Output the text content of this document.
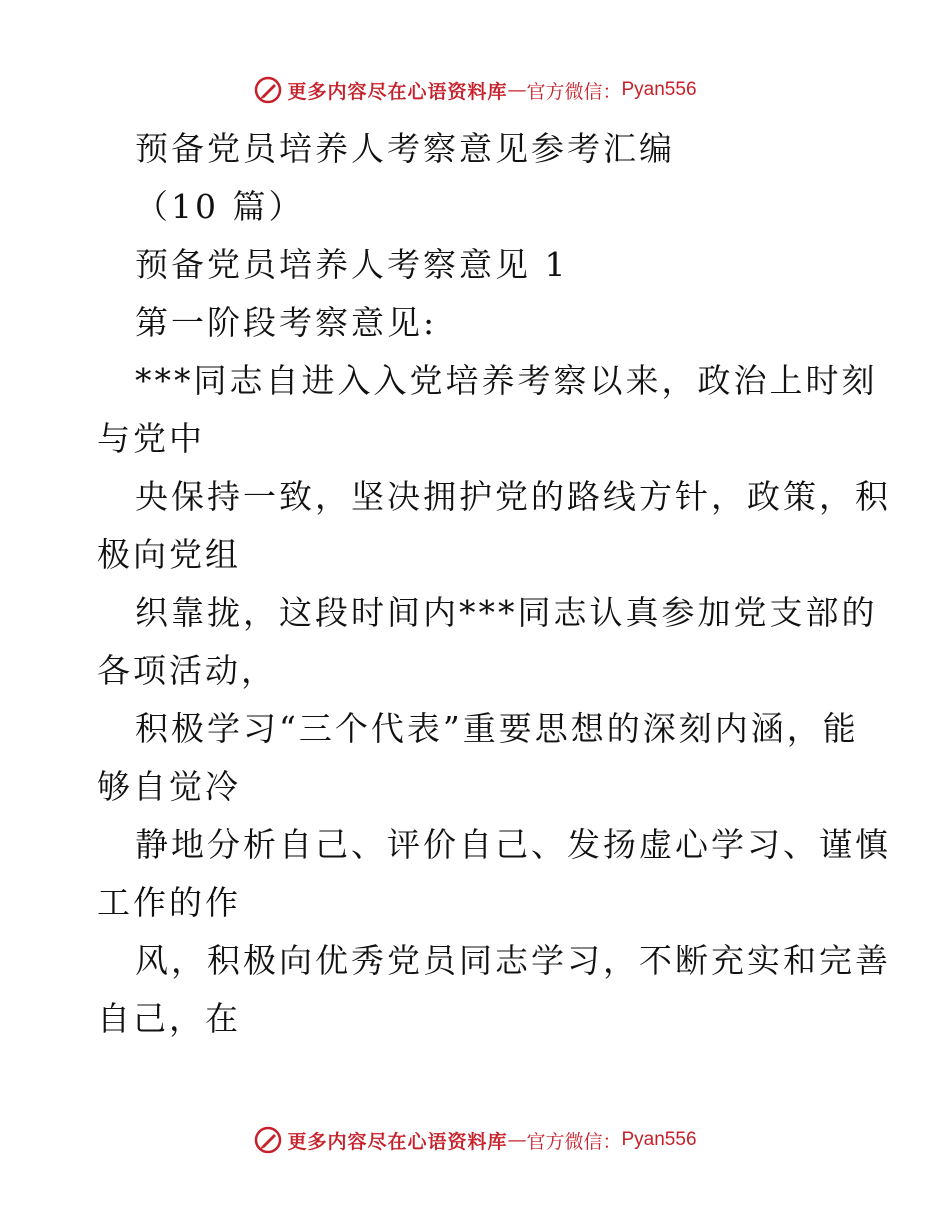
更多内容尽在心语资料库 — 官方微信： Pyan556
预备党员培养人考察意见参考汇编
（10 篇）
预备党员培养人考察意见 1
第一阶段考察意见:
***同志自进入入党培养考察以来，政治上时刻
与党中
央保持一致，坚决拥护党的路线方针，政策，积
极向党组
织靠拢，这段时间内***同志认真参加党支部的
各项活动，
积极学习“三个代表”重要思想的深刻内涵，能
够自觉冷
静地分析自己、评价自己、发扬虚心学习、谨慎
工作的作
风，积极向优秀党员同志学习，不断充实和完善
自己，在
更多内容尽在心语资料库 — 官方微信： Pyan556
